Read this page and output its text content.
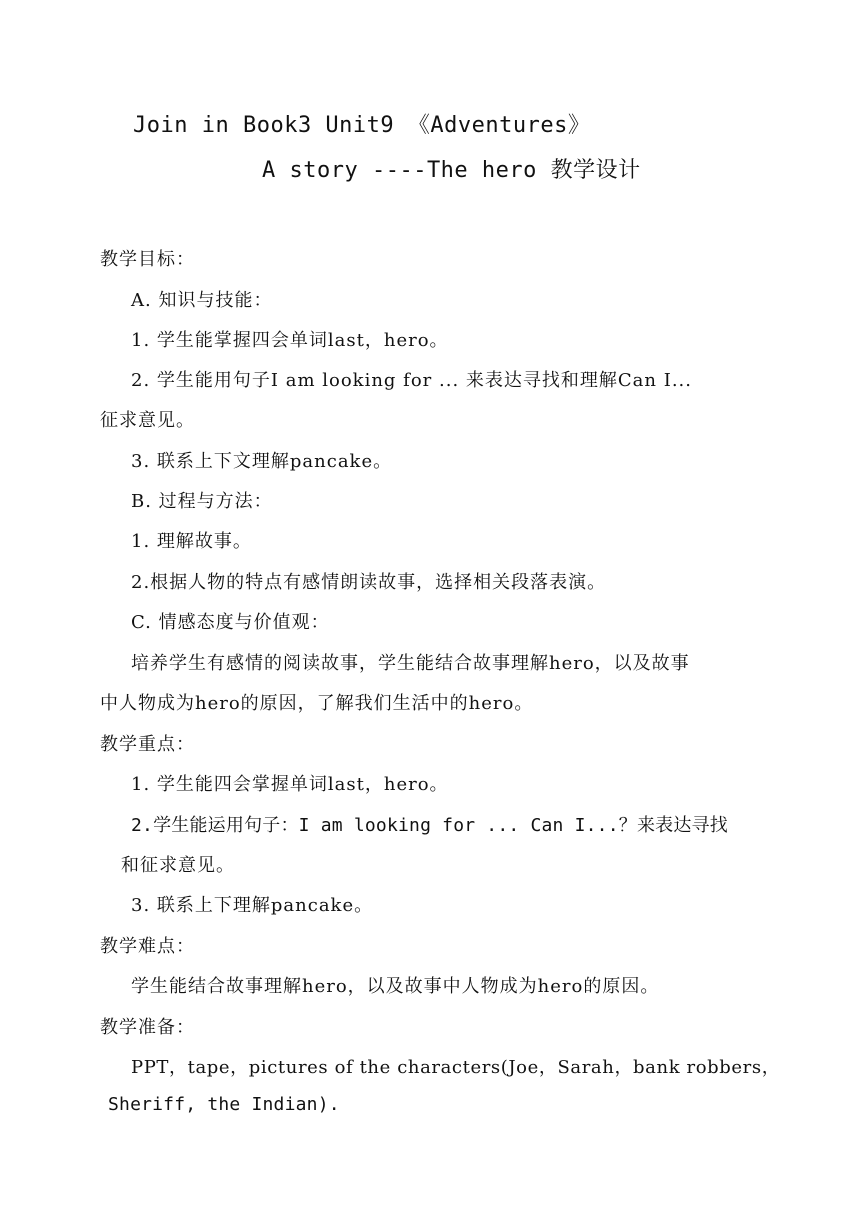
Join in Book3 Unit9 《Adventures》
A story ----The hero 教学设计
教学目标：
A. 知识与技能：
1. 学生能掌握四会单词last，hero。
2. 学生能用句子I am looking for ... 来表达寻找和理解Can I...
征求意见。
3. 联系上下文理解pancake。
B. 过程与方法：
1. 理解故事。
2.根据人物的特点有感情朗读故事，选择相关段落表演。
C. 情感态度与价值观：
培养学生有感情的阅读故事，学生能结合故事理解hero，以及故事
中人物成为hero的原因，了解我们生活中的hero。
教学重点：
1. 学生能四会掌握单词last，hero。
2.学生能运用句子：I am looking for ... Can I...？来表达寻找
和征求意见。
3. 联系上下理解pancake。
教学难点：
学生能结合故事理解hero，以及故事中人物成为hero的原因。
教学准备：
PPT，tape，pictures of the characters(Joe，Sarah，bank robbers，
Sheriff, the Indian).
